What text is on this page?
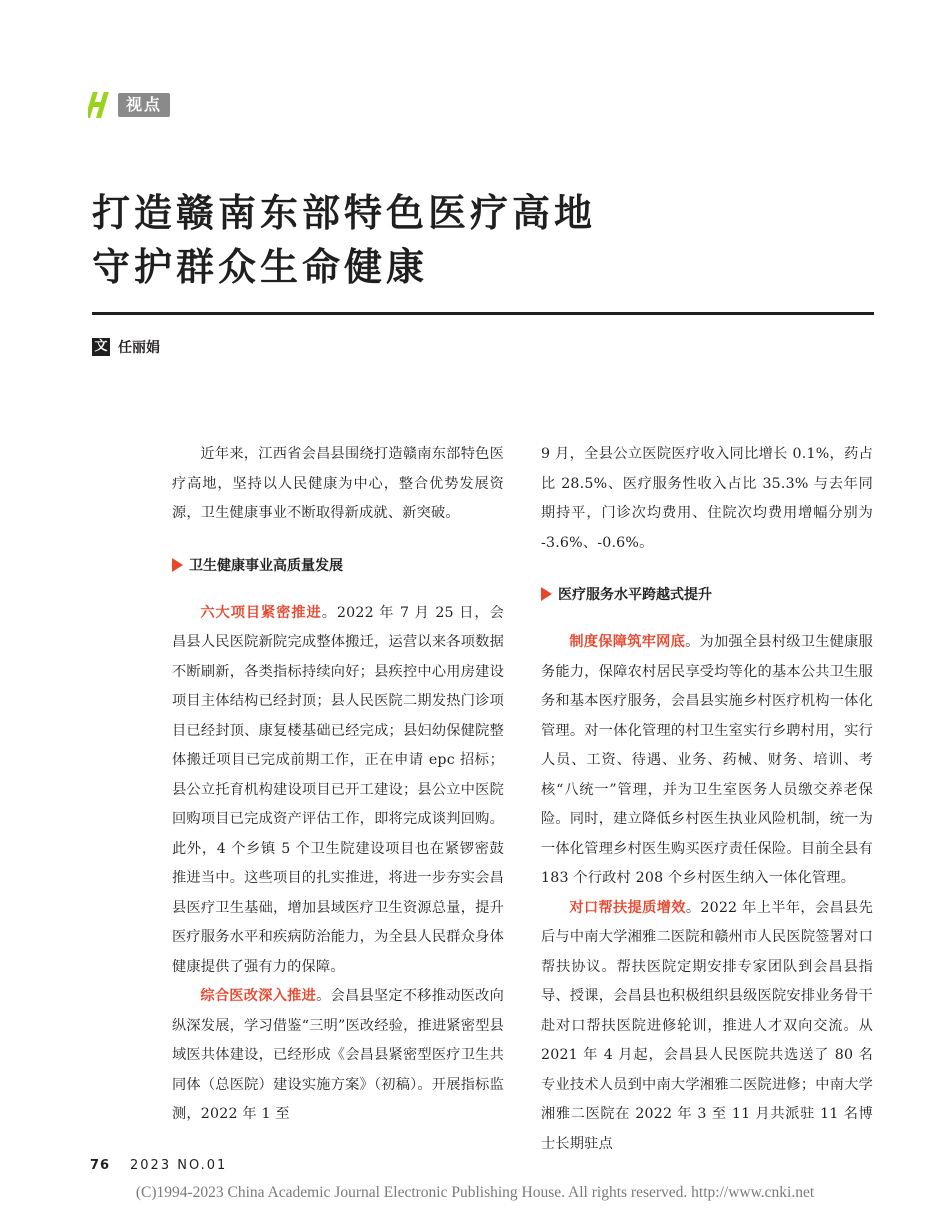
视点
打造赣南东部特色医疗高地
守护群众生命健康
文 任丽娟

近年来，江西省会昌县围绕打造赣南东部特色医疗高地，坚持以人民健康为中心，整合优势发展资源，卫生健康事业不断取得新成就、新突破。

卫生健康事业高质量发展

六大项目紧密推进。2022 年 7 月 25 日，会昌县人民医院新院完成整体搬迁，运营以来各项数据不断刷新，各类指标持续向好；县疾控中心用房建设项目主体结构已经封顶；县人民医院二期发热门诊项目已经封顶、康复楼基础已经完成；县妇幼保健院整体搬迁项目已完成前期工作，正在申请 epc 招标；县公立托育机构建设项目已开工建设；县公立中医院回购项目已完成资产评估工作，即将完成谈判回购。此外，4 个乡镇 5 个卫生院建设项目也在紧锣密鼓推进当中。这些项目的扎实推进，将进一步夯实会昌县医疗卫生基础，增加县域医疗卫生资源总量，提升医疗服务水平和疾病防治能力，为全县人民群众身体健康提供了强有力的保障。

综合医改深入推进。会昌县坚定不移推动医改向纵深发展，学习借鉴“三明”医改经验，推进紧密型县域医共体建设，已经形成《会昌县紧密型医疗卫生共同体（总医院）建设实施方案》（初稿）。开展指标监测，2022 年 1 至

9 月，全县公立医院医疗收入同比增长 0.1%，药占比 28.5%、医疗服务性收入占比 35.3% 与去年同期持平，门诊次均费用、住院次均费用增幅分别为 -3.6%、-0.6%。

医疗服务水平跨越式提升

制度保障筑牢网底。为加强全县村级卫生健康服务能力，保障农村居民享受均等化的基本公共卫生服务和基本医疗服务，会昌县实施乡村医疗机构一体化管理。对一体化管理的村卫生室实行乡聘村用，实行人员、工资、待遇、业务、药械、财务、培训、考核“八统一”管理，并为卫生室医务人员缴交养老保险。同时，建立降低乡村医生执业风险机制，统一为一体化管理乡村医生购买医疗责任保险。目前全县有 183 个行政村 208 个乡村医生纳入一体化管理。

对口帮扶提质增效。2022 年上半年，会昌县先后与中南大学湘雅二医院和赣州市人民医院签署对口帮扶协议。帮扶医院定期安排专家团队到会昌县指导、授课，会昌县也积极组织县级医院安排业务骨干赴对口帮扶医院进修轮训，推进人才双向交流。从 2021 年 4 月起，会昌县人民医院共选送了 80 名专业技术人员到中南大学湘雅二医院进修；中南大学湘雅二医院在 2022 年 3 至 11 月共派驻 11 名博士长期驻点

76 2023 NO.01
(C)1994-2023 China Academic Journal Electronic Publishing House. All rights reserved. http://www.cnki.net
